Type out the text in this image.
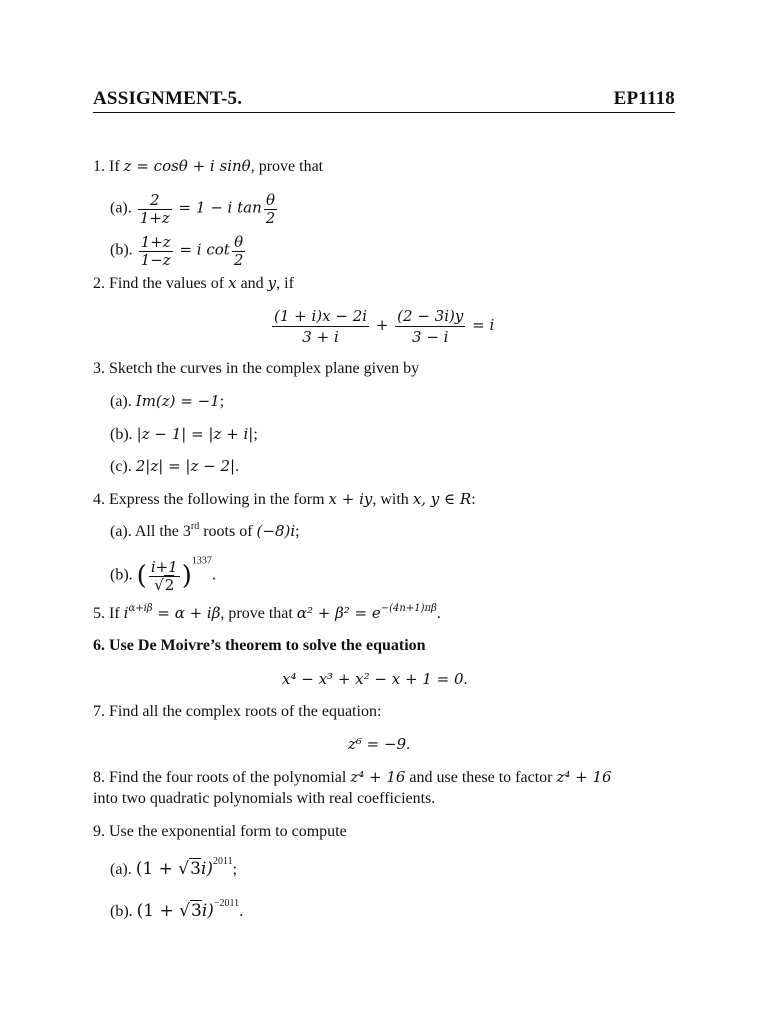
ASSIGNMENT-5.	EP1118
1. If z = cosθ + i sinθ, prove that
(a). $\frac{2}{1+z} = 1 - i$ $\tan \frac{\theta}{2}$
(b). $\frac{1+z}{1-z} = i$ $\cot \frac{\theta}{2}$
2. Find the values of x and y, if
$\frac{(1 + i)x - 2i}{3 + i} + \frac{(2 - 3i)y}{3 - i} = i$
3. Sketch the curves in the complex plane given by
(a). Im(z) = −1;
(b). |z − 1| = |z + i|;
(c). 2|z| = |z − 2|.
4. Express the following in the form x + iy, with x, y ∈ R:
(a). All the 3rd roots of (−8)i;
(b). ( $\frac{i+1}{√2} )^{1337}$.
5. If $i^{\alpha+i\beta} = \alpha + i\beta$, prove that $\alpha^2 + \beta^2 = e^{-(4n+1)\pi\beta}$.
6. Use De Moivre’s theorem to solve the equation
x⁴ − x³ + x² − x + 1 = 0.
7. Find all the complex roots of the equation:
z⁶ = −9.
8. Find the four roots of the polynomial z⁴ + 16 and use these to factor z⁴ + 16
into two quadratic polynomials with real coefficients.
9. Use the exponential form to compute
(a). $(1 + √3i)^{2011}$;
(b). $(1 + √3i)^{-2011}$.
